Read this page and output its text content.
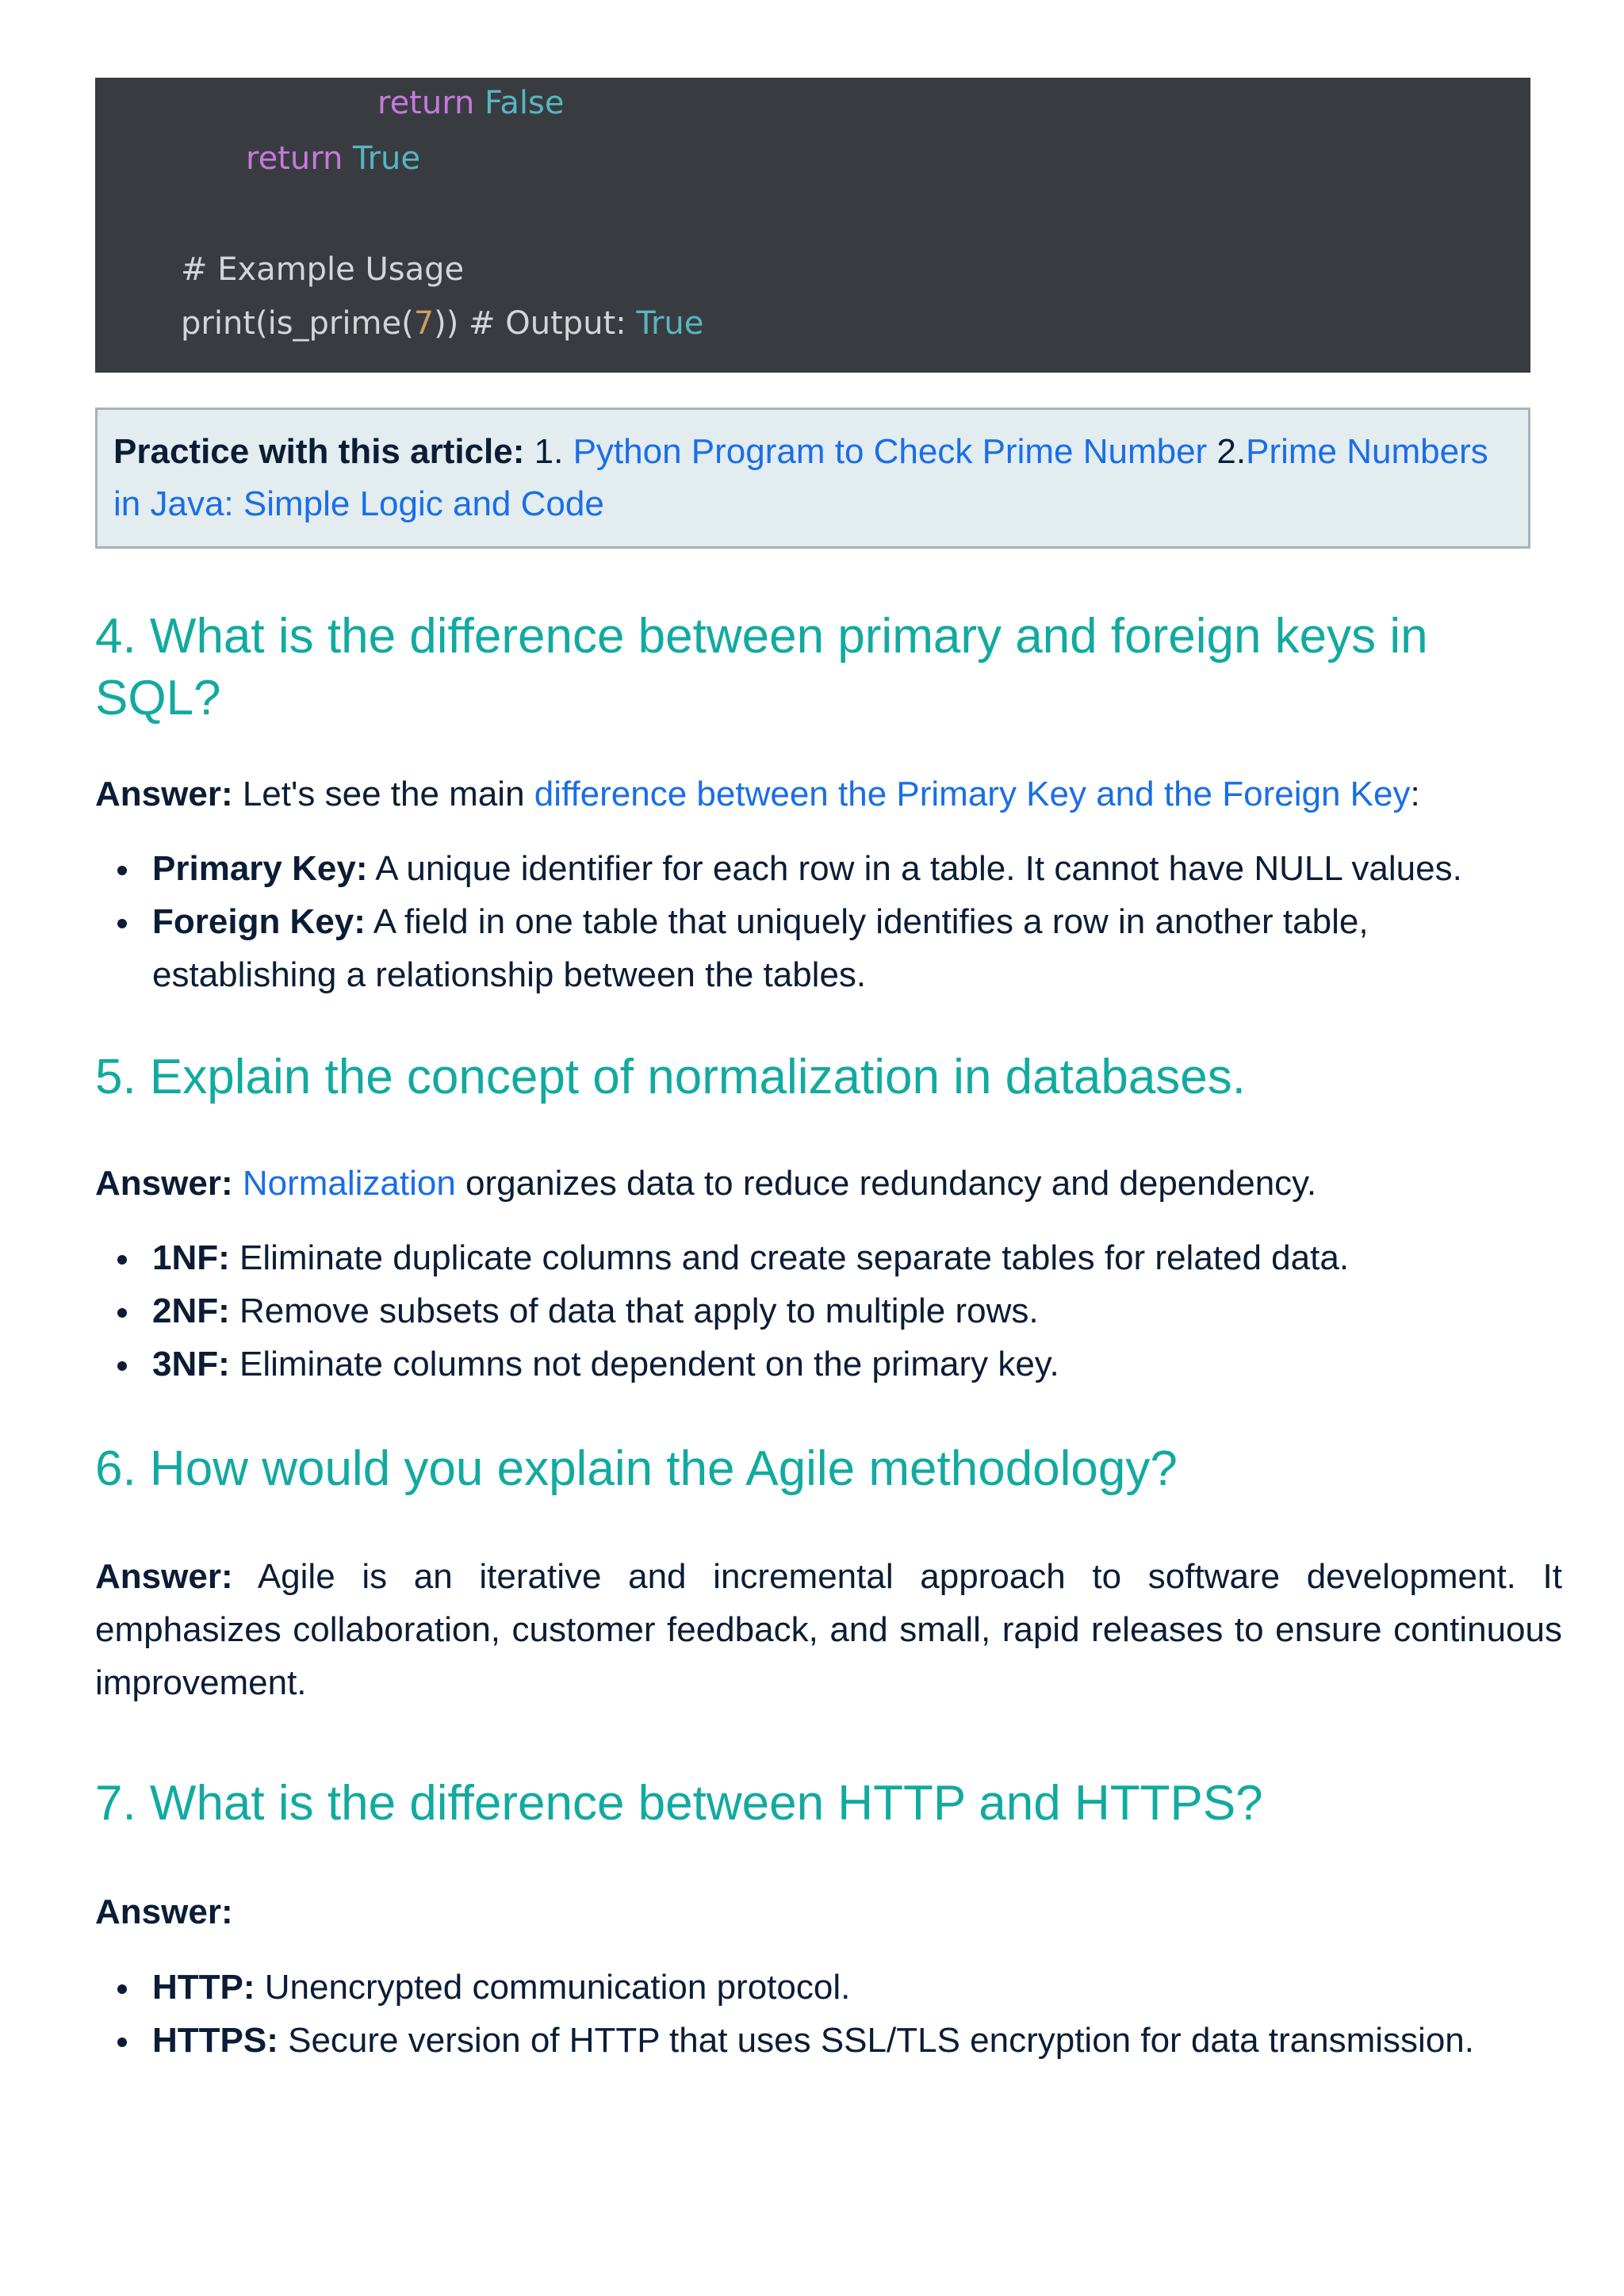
return False
return True
# Example Usage
print(is_prime(7)) # Output: True
Practice with this article: 1. Python Program to Check Prime Number 2.Prime Numbers in Java: Simple Logic and Code
4. What is the difference between primary and foreign keys in SQL?

Answer: Let's see the main difference between the Primary Key and the Foreign Key:

Primary Key: A unique identifier for each row in a table. It cannot have NULL values.
Foreign Key: A field in one table that uniquely identifies a row in another table, establishing a relationship between the tables.
5. Explain the concept of normalization in databases.

Answer: Normalization organizes data to reduce redundancy and dependency.

1NF: Eliminate duplicate columns and create separate tables for related data.
2NF: Remove subsets of data that apply to multiple rows.
3NF: Eliminate columns not dependent on the primary key.
6. How would you explain the Agile methodology?

Answer: Agile is an iterative and incremental approach to software development. It emphasizes collaboration, customer feedback, and small, rapid releases to ensure continuous improvement.

7. What is the difference between HTTP and HTTPS?

Answer:

HTTP: Unencrypted communication protocol.
HTTPS: Secure version of HTTP that uses SSL/TLS encryption for data transmission.
